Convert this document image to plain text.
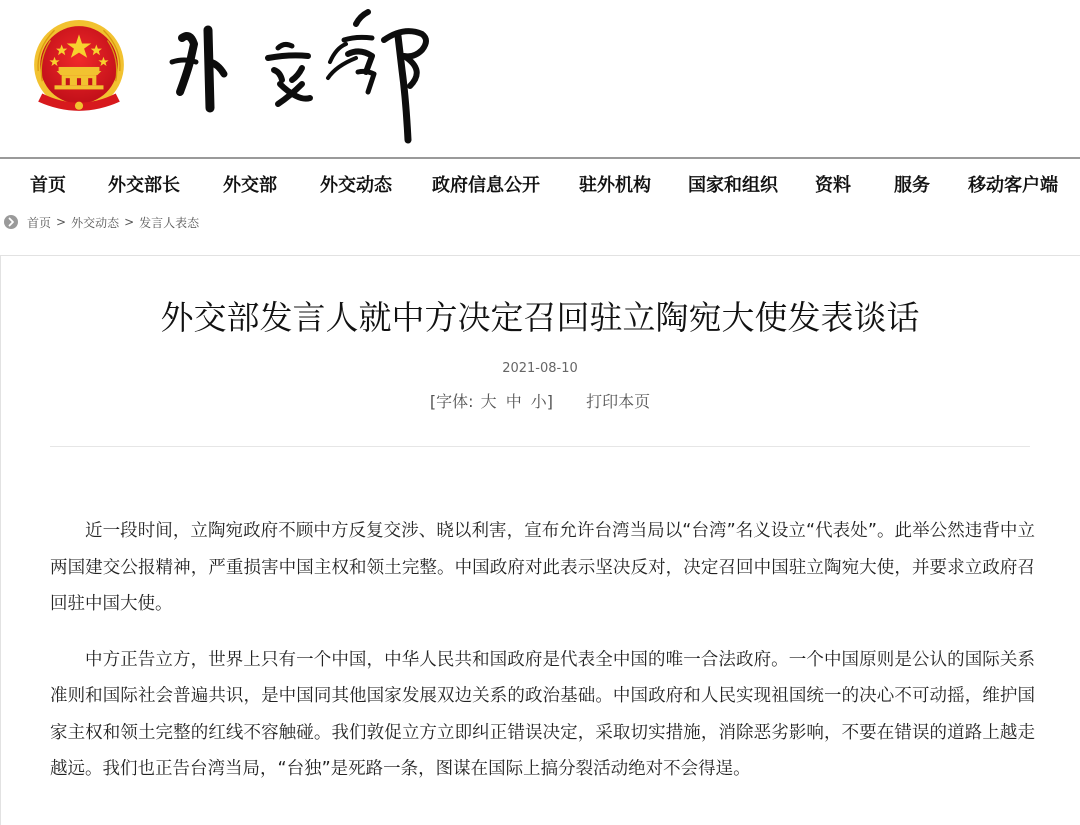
首页 外交部长 外交部 外交动态 政府信息公开 驻外机构 国家和组织 资料 服务 移动客户端
首页 > 外交动态 > 发言人表态
外交部发言人就中方决定召回驻立陶宛大使发表谈话
2021-08-10
[字体: 大 中 小] 打印本页

近一段时间，立陶宛政府不顾中方反复交涉、晓以利害，宣布允许台湾当局以“台湾”名义设立“代表处”。此举公然违背中立两国建交公报精神，严重损害中国主权和领土完整。中国政府对此表示坚决反对，决定召回中国驻立陶宛大使，并要求立政府召回驻中国大使。

中方正告立方，世界上只有一个中国，中华人民共和国政府是代表全中国的唯一合法政府。一个中国原则是公认的国际关系准则和国际社会普遍共识，是中国同其他国家发展双边关系的政治基础。中国政府和人民实现祖国统一的决心不可动摇，维护国家主权和领土完整的红线不容触碰。我们敦促立方立即纠正错误决定，采取切实措施，消除恶劣影响，不要在错误的道路上越走越远。我们也正告台湾当局，“台独”是死路一条，图谋在国际上搞分裂活动绝对不会得逞。
